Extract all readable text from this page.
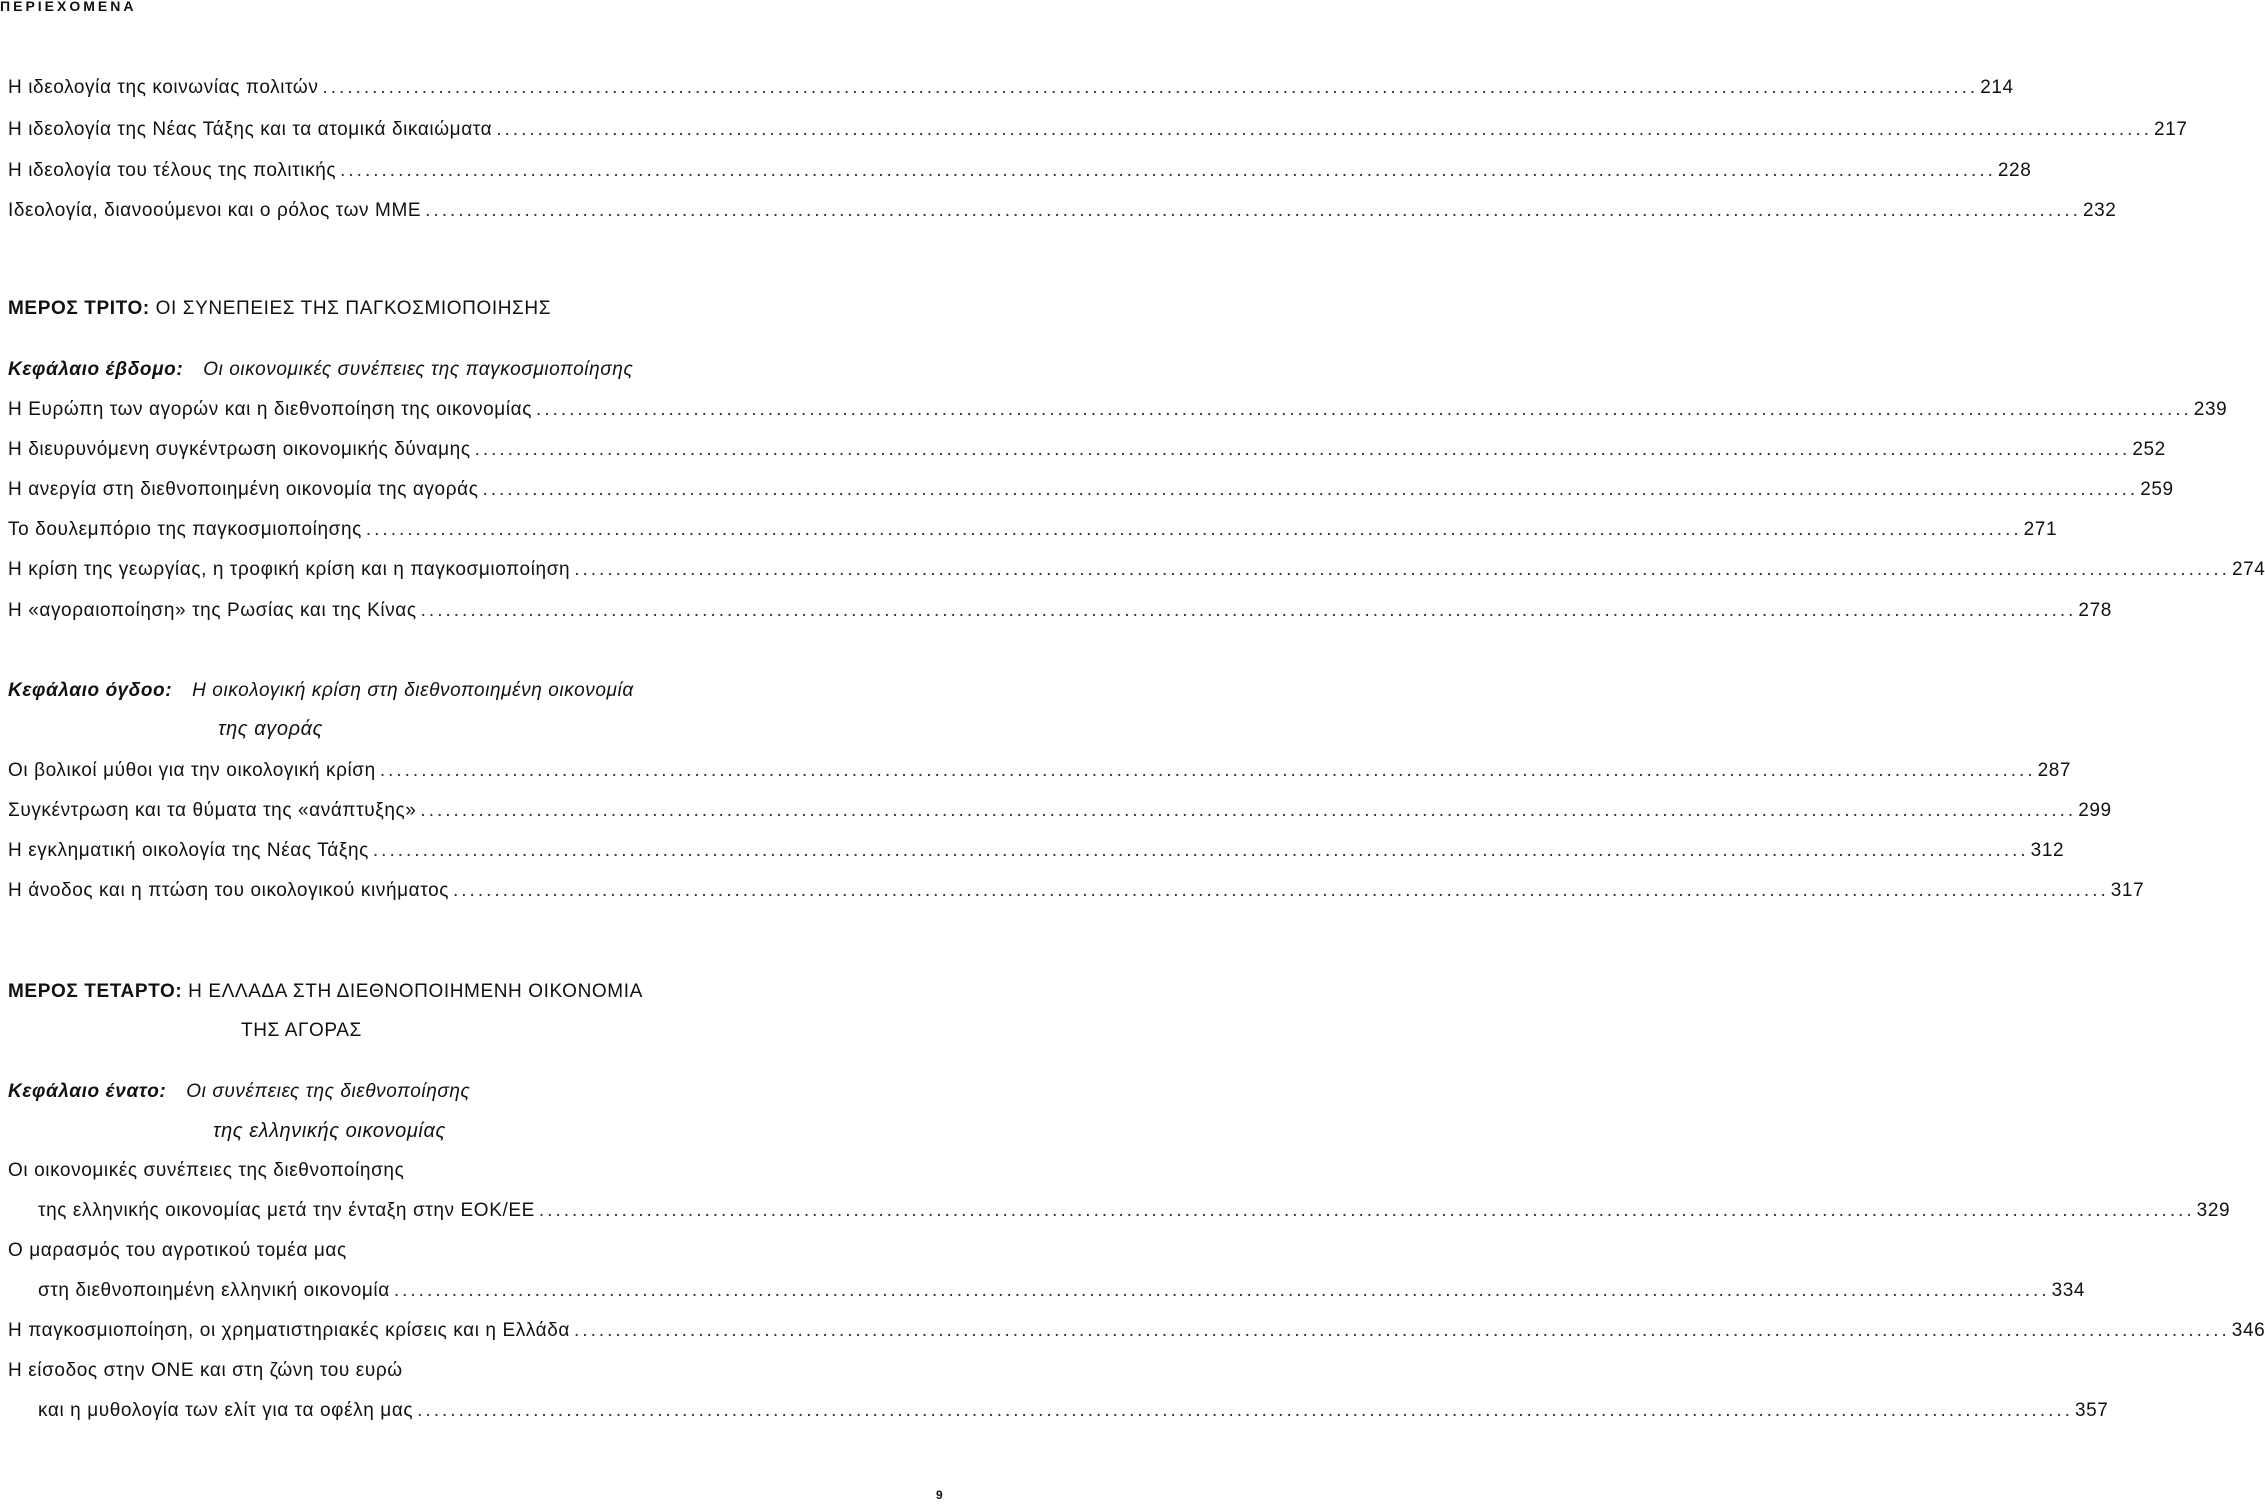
ΠΕΡΙΕΧΟΜΕΝΑ
Η ιδεολογία της κοινωνίας πολιτών ........................................................................................................................................................................................................ 214
Η ιδεολογία της Νέας Τάξης και τα ατομικά δικαιώματα ........................................................................................................................................................................................................ 217
Η ιδεολογία του τέλους της πολιτικής ........................................................................................................................................................................................................ 228
Ιδεολογία, διανοούμενοι και ο ρόλος των ΜΜΕ ........................................................................................................................................................................................................ 232
ΜΕΡΟΣ ΤΡΙΤΟ: ΟΙ ΣΥΝΕΠΕΙΕΣ ΤΗΣ ΠΑΓΚΟΣΜΙΟΠΟΙΗΣΗΣ
Κεφάλαιο έβδομο: Οι οικονομικές συνέπειες της παγκοσμιοποίησης
Η Ευρώπη των αγορών και η διεθνοποίηση της οικονομίας ........................................................................................................................................................................................................ 239
Η διευρυνόμενη συγκέντρωση οικονομικής δύναμης ........................................................................................................................................................................................................ 252
Η ανεργία στη διεθνοποιημένη οικονομία της αγοράς ........................................................................................................................................................................................................ 259
Το δουλεμπόριο της παγκοσμιοποίησης ........................................................................................................................................................................................................ 271
Η κρίση της γεωργίας, η τροφική κρίση και η παγκοσμιοποίηση ........................................................................................................................................................................................................ 274
Η «αγοραιοποίηση» της Ρωσίας και της Κίνας ........................................................................................................................................................................................................ 278
Κεφάλαιο όγδοο: Η οικολογική κρίση στη διεθνοποιημένη οικονομία
της αγοράς
Οι βολικοί μύθοι για την οικολογική κρίση ........................................................................................................................................................................................................ 287
Συγκέντρωση και τα θύματα της «ανάπτυξης» ........................................................................................................................................................................................................ 299
Η εγκληματική οικολογία της Νέας Τάξης ........................................................................................................................................................................................................ 312
Η άνοδος και η πτώση του οικολογικού κινήματος ........................................................................................................................................................................................................ 317
ΜΕΡΟΣ ΤΕΤΑΡΤΟ: Η ΕΛΛΑΔΑ ΣΤΗ ΔΙΕΘΝΟΠΟΙΗΜΕΝΗ ΟΙΚΟΝΟΜΙΑ
ΤΗΣ ΑΓΟΡΑΣ
Κεφάλαιο ένατο: Οι συνέπειες της διεθνοποίησης
της ελληνικής οικονομίας
Οι οικονομικές συνέπειες της διεθνοποίησης
της ελληνικής οικονομίας μετά την ένταξη στην ΕΟΚ/ΕΕ ........................................................................................................................................................................................................ 329
Ο μαρασμός του αγροτικού τομέα μας
στη διεθνοποιημένη ελληνική οικονομία ........................................................................................................................................................................................................ 334
Η παγκοσμιοποίηση, οι χρηματιστηριακές κρίσεις και η Ελλάδα ........................................................................................................................................................................................................ 346
Η είσοδος στην ΟΝΕ και στη ζώνη του ευρώ
και η μυθολογία των ελίτ για τα οφέλη μας ........................................................................................................................................................................................................ 357
9
